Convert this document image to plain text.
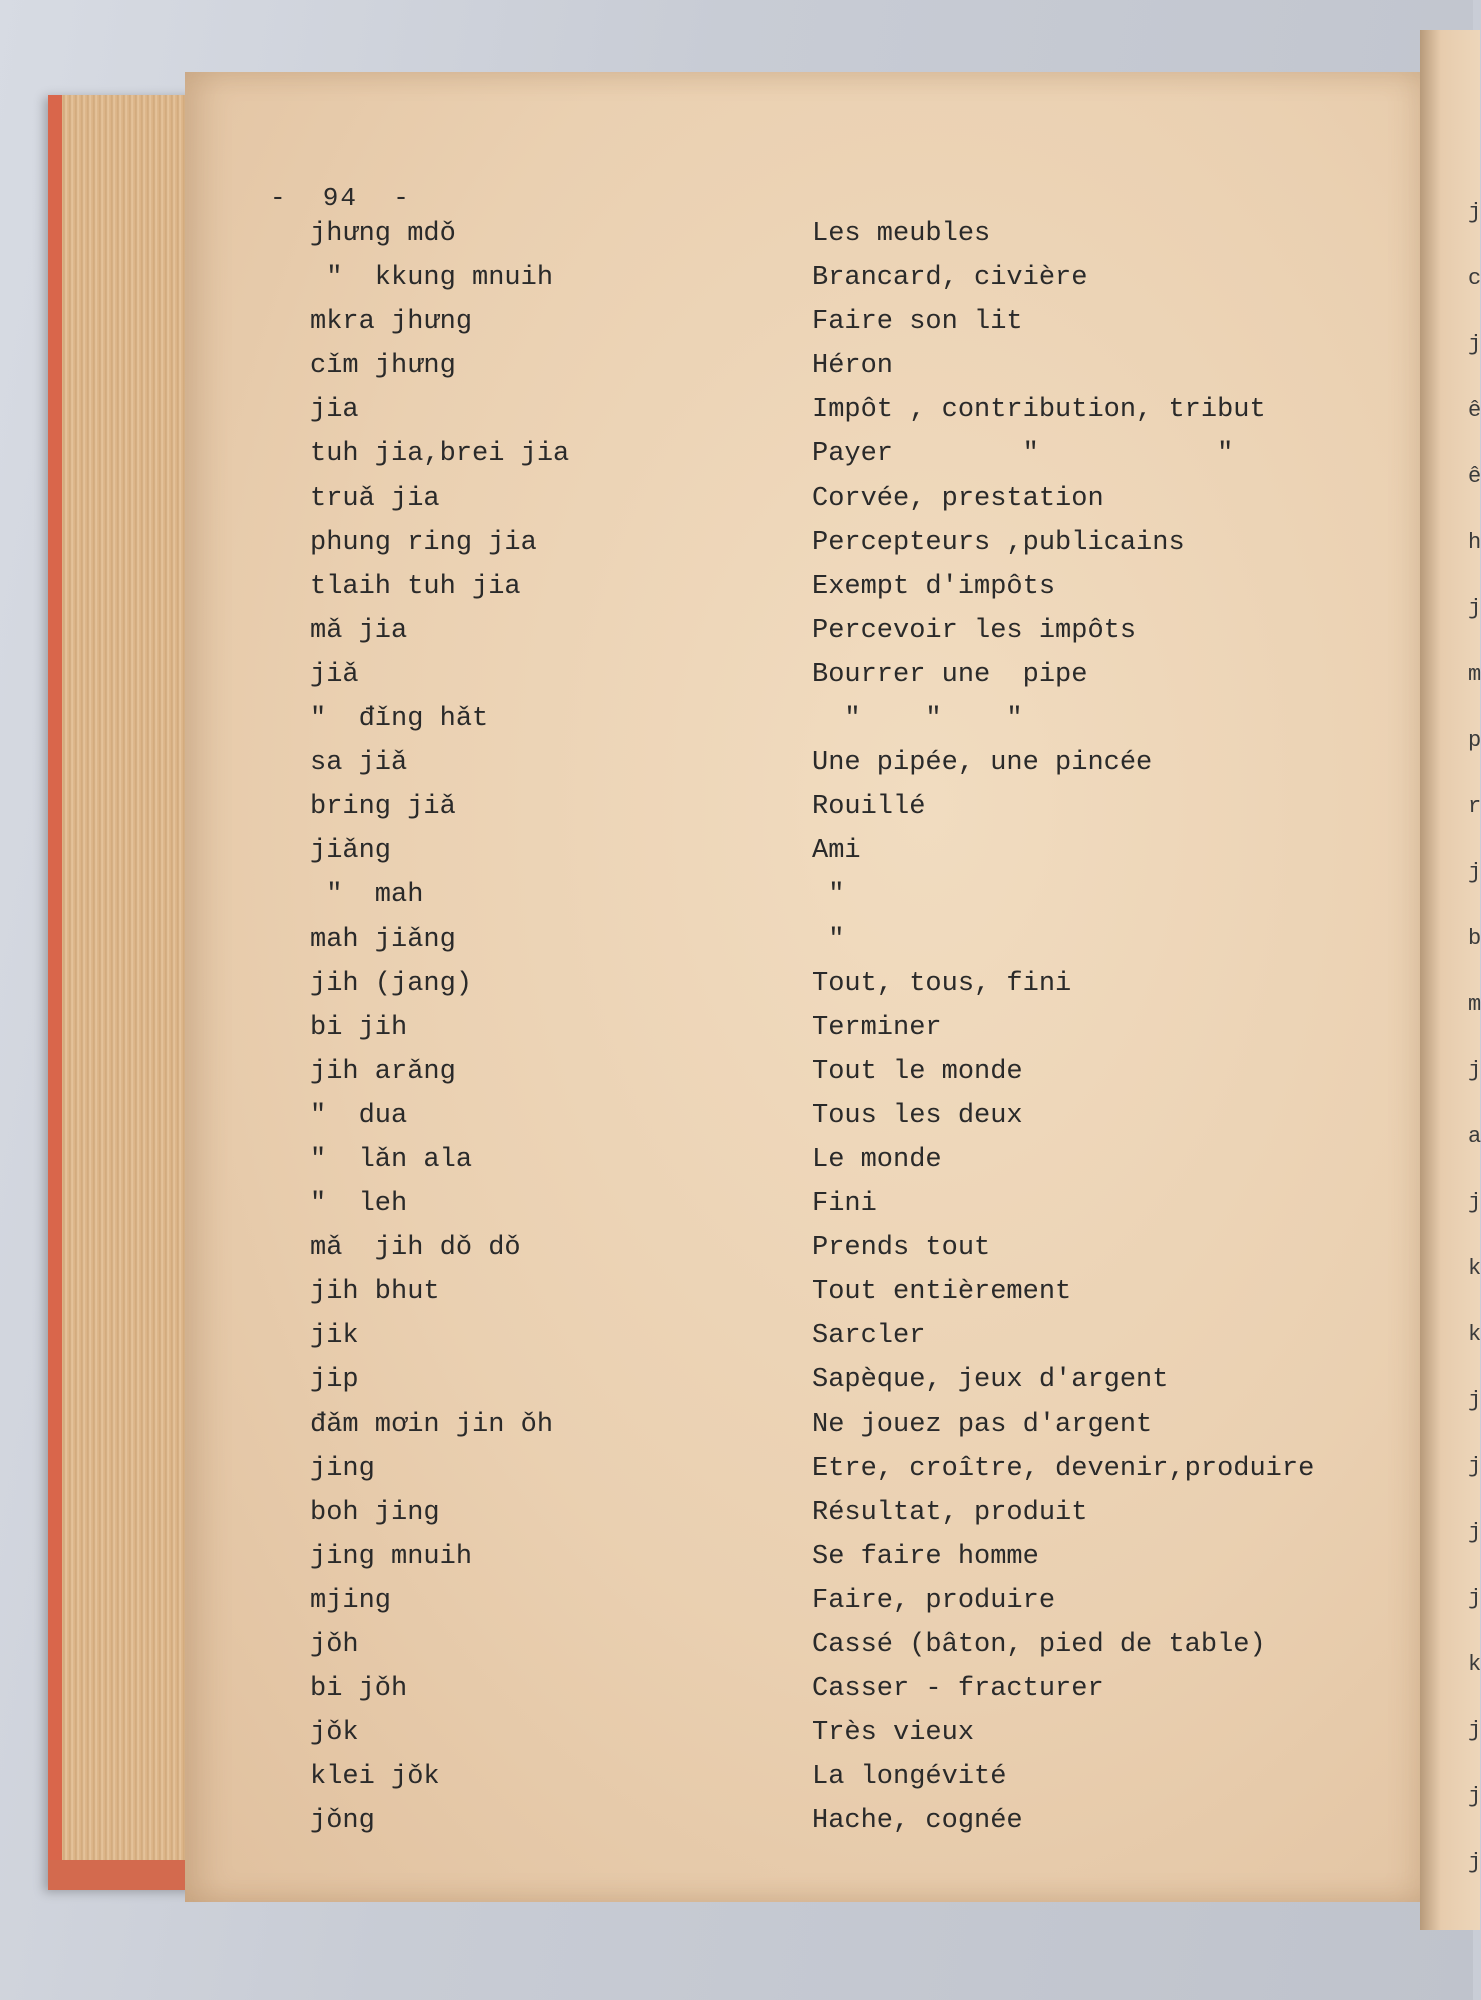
j
c
j
ê
ê
h
j
m
p
r
j
b
m
j
a
j
k
k
j
j
j
j
k
j
j
j
-  94  -
jhưng mdǒ
"  kkung mnuih
mkra jhưng
cǐm jhưng
jia
tuh jia,brei jia
truǎ jia
phung ring jia
tlaih tuh jia
mǎ jia
jiǎ
"  đǐng hǎt
sa jiǎ
bring jiǎ
jiǎng
"  mah
mah jiǎng
jih (jang)
bi jih
jih arǎng
"  dua
"  lǎn ala
"  leh
mǎ  jih dǒ dǒ
jih bhut
jik
jip
đǎm mơin jin ǒh
jing
boh jing
jing mnuih
mjing
jǒh
bi jǒh
jǒk
klei jǒk
jǒng
Les meubles
Brancard, civière
Faire son lit
Héron
Impôt , contribution, tribut
Payer        "           "
Corvée, prestation
Percepteurs ,publicains
Exempt d'impôts
Percevoir les impôts
Bourrer une  pipe
"    "    "
Une pipée, une pincée
Rouillé
Ami
"
"
Tout, tous, fini
Terminer
Tout le monde
Tous les deux
Le monde
Fini
Prends tout
Tout entièrement
Sarcler
Sapèque, jeux d'argent
Ne jouez pas d'argent
Etre, croître, devenir,produire
Résultat, produit
Se faire homme
Faire, produire
Cassé (bâton, pied de table)
Casser - fracturer
Très vieux
La longévité
Hache, cognée
